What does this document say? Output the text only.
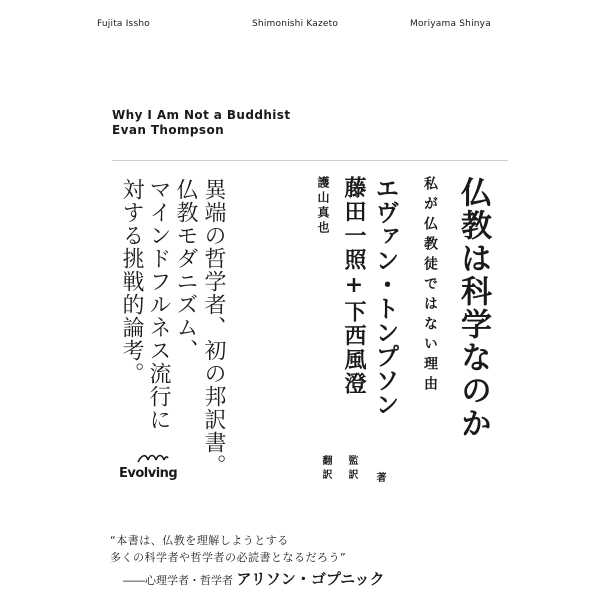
Fujita Issho	Shimonishi Kazeto	Moriyama Shinya
Why I Am Not a Buddhist
Evan Thompson
仏教は科学なのか
私が仏教徒ではない理由
エヴァン・トンプソン
著
藤田一照+下西風澄
監訳
護山真也
翻訳
異端の哲学者、初の邦訳書。
仏教モダニズム、
マインドフルネス流行に
対する挑戦的論考。
Evolving
“本書は、仏教を理解しようとする
多くの科学者や哲学者の必読書となるだろう”
――心理学者・哲学者 アリソン・ゴプニック
